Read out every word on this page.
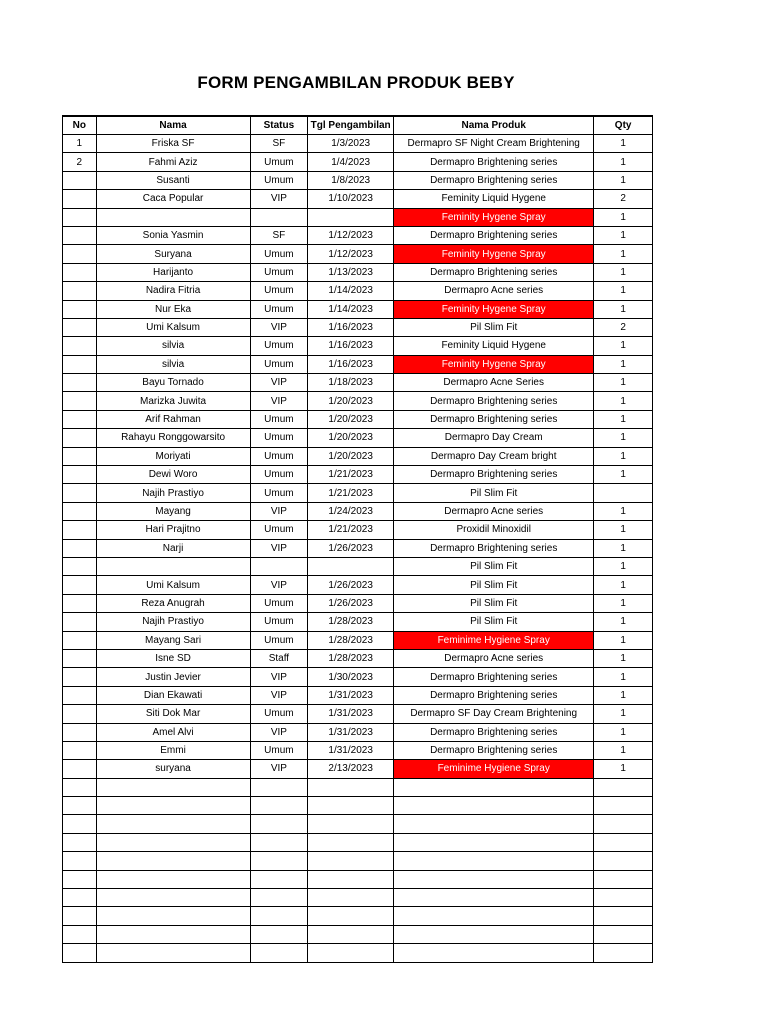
FORM PENGAMBILAN PRODUK BEBY
No	Nama	Status	Tgl Pengambilan	Nama Produk	Qty
1	Friska SF	SF	1/3/2023	Dermapro SF Night Cream Brightening	1
2	Fahmi Aziz	Umum	1/4/2023	Dermapro Brightening series	1
	Susanti	Umum	1/8/2023	Dermapro Brightening series	1
	Caca Popular	VIP	1/10/2023	Feminity Liquid Hygene	2
				Feminity Hygene Spray	1
	Sonia Yasmin	SF	1/12/2023	Dermapro Brightening series	1
	Suryana	Umum	1/12/2023	Feminity Hygene Spray	1
	Harijanto	Umum	1/13/2023	Dermapro Brightening series	1
	Nadira Fitria	Umum	1/14/2023	Dermapro Acne series	1
	Nur Eka	Umum	1/14/2023	Feminity Hygene Spray	1
	Umi Kalsum	VIP	1/16/2023	Pil Slim Fit	2
	silvia	Umum	1/16/2023	Feminity Liquid Hygene	1
	silvia	Umum	1/16/2023	Feminity Hygene Spray	1
	Bayu Tornado	VIP	1/18/2023	Dermapro Acne Series	1
	Marizka Juwita	VIP	1/20/2023	Dermapro Brightening series	1
	Arif Rahman	Umum	1/20/2023	Dermapro Brightening series	1
	Rahayu Ronggowarsito	Umum	1/20/2023	Dermapro Day Cream	1
	Moriyati	Umum	1/20/2023	Dermapro Day Cream bright	1
	Dewi Woro	Umum	1/21/2023	Dermapro Brightening series	1
	Najih Prastiyo	Umum	1/21/2023	Pil Slim Fit	
	Mayang	VIP	1/24/2023	Dermapro Acne series	1
	Hari Prajitno	Umum	1/21/2023	Proxidil Minoxidil	1
	Narji	VIP	1/26/2023	Dermapro Brightening series	1
				Pil Slim Fit	1
	Umi Kalsum	VIP	1/26/2023	Pil Slim Fit	1
	Reza Anugrah	Umum	1/26/2023	Pil Slim Fit	1
	Najih Prastiyo	Umum	1/28/2023	Pil Slim Fit	1
	Mayang Sari	Umum	1/28/2023	Feminime Hygiene Spray	1
	Isne SD	Staff	1/28/2023	Dermapro Acne series	1
	Justin Jevier	VIP	1/30/2023	Dermapro Brightening series	1
	Dian Ekawati	VIP	1/31/2023	Dermapro Brightening series	1
	Siti Dok Mar	Umum	1/31/2023	Dermapro SF Day Cream Brightening	1
	Amel Alvi	VIP	1/31/2023	Dermapro Brightening series	1
	Emmi	Umum	1/31/2023	Dermapro Brightening series	1
	suryana	VIP	2/13/2023	Feminime Hygiene Spray	1
